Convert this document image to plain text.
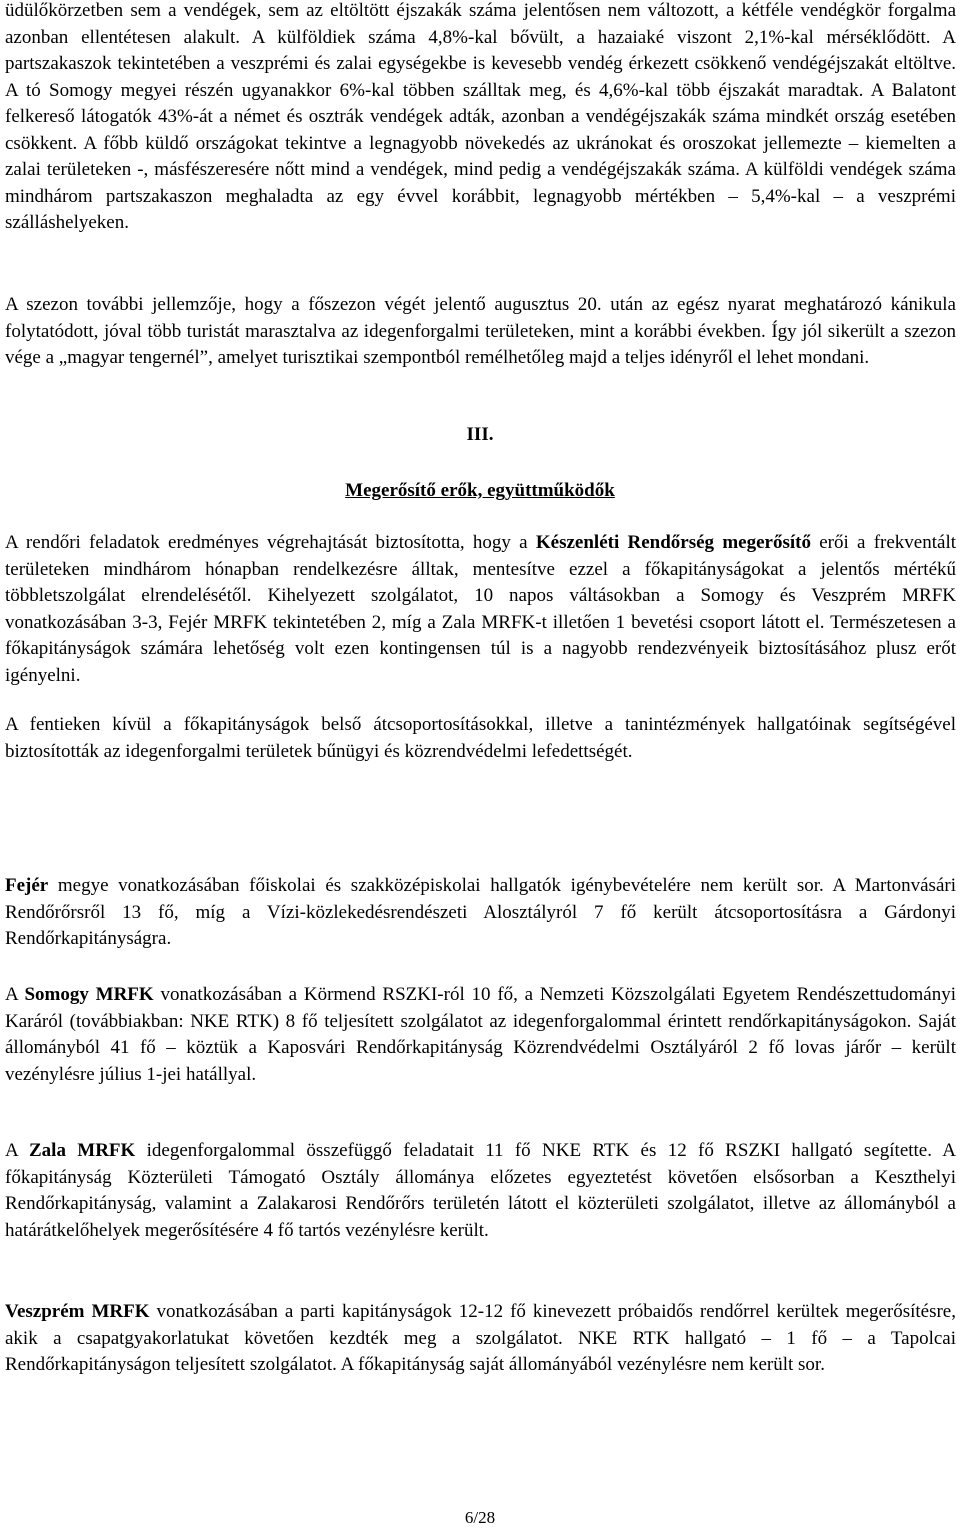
üdülőkörzetben sem a vendégek, sem az eltöltött éjszakák száma jelentősen nem változott, a kétféle vendégkör forgalma azonban ellentétesen alakult. A külföldiek száma 4,8%-kal bővült, a hazaiaké viszont 2,1%-kal mérséklődött. A partszakaszok tekintetében a veszprémi és zalai egységekbe is kevesebb vendég érkezett csökkenő vendégéjszakát eltöltve. A tó Somogy megyei részén ugyanakkor 6%-kal többen szálltak meg, és 4,6%-kal több éjszakát maradtak. A Balatont felkereső látogatók 43%-át a német és osztrák vendégek adták, azonban a vendégéjszakák száma mindkét ország esetében csökkent. A főbb küldő országokat tekintve a legnagyobb növekedés az ukránokat és oroszokat jellemezte – kiemelten a zalai területeken -, másfészeresére nőtt mind a vendégek, mind pedig a vendégéjszakák száma. A külföldi vendégek száma mindhárom partszakaszon meghaladta az egy évvel korábbit, legnagyobb mértékben – 5,4%-kal – a veszprémi szálláshelyeken.

A szezon további jellemzője, hogy a főszezon végét jelentő augusztus 20. után az egész nyarat meghatározó kánikula folytatódott, jóval több turistát marasztalva az idegenforgalmi területeken, mint a korábbi években. Így jól sikerült a szezon vége a „magyar tengernél”, amelyet turisztikai szempontból remélhetőleg majd a teljes idényről el lehet mondani.

III.
Megerősítő erők, együttműködők

A rendőri feladatok eredményes végrehajtását biztosította, hogy a Készenléti Rendőrség megerősítő erői a frekventált területeken mindhárom hónapban rendelkezésre álltak, mentesítve ezzel a főkapitányságokat a jelentős mértékű többletszolgálat elrendelésétől. Kihelyezett szolgálatot, 10 napos váltásokban a Somogy és Veszprém MRFK vonatkozásában 3-3, Fejér MRFK tekintetében 2, míg a Zala MRFK-t illetően 1 bevetési csoport látott el. Természetesen a főkapitányságok számára lehetőség volt ezen kontingensen túl is a nagyobb rendezvényeik biztosításához plusz erőt igényelni.

A fentieken kívül a főkapitányságok belső átcsoportosításokkal, illetve a tanintézmények hallgatóinak segítségével biztosították az idegenforgalmi területek bűnügyi és közrendvédelmi lefedettségét.

Fejér megye vonatkozásában főiskolai és szakközépiskolai hallgatók igénybevételére nem került sor. A Martonvásári Rendőrőrsről 13 fő, míg a Vízi-közlekedésrendészeti Alosztályról 7 fő került átcsoportosításra a Gárdonyi Rendőrkapitányságra.

A Somogy MRFK vonatkozásában a Körmend RSZKI-ról 10 fő, a Nemzeti Közszolgálati Egyetem Rendészettudományi Karáról (továbbiakban: NKE RTK) 8 fő teljesített szolgálatot az idegenforgalommal érintett rendőrkapitányságokon. Saját állományból 41 fő – köztük a Kaposvári Rendőrkapitányság Közrendvédelmi Osztályáról 2 fő lovas járőr – került vezénylésre július 1-jei hatállyal.

A Zala MRFK idegenforgalommal összefüggő feladatait 11 fő NKE RTK és 12 fő RSZKI hallgató segítette. A főkapitányság Közterületi Támogató Osztály állománya előzetes egyeztetést követően elsősorban a Keszthelyi Rendőrkapitányság, valamint a Zalakarosi Rendőrőrs területén látott el közterületi szolgálatot, illetve az állományból a határátkelőhelyek megerősítésére 4 fő tartós vezénylésre került.

Veszprém MRFK vonatkozásában a parti kapitányságok 12-12 fő kinevezett próbaidős rendőrrel kerültek megerősítésre, akik a csapatgyakorlatukat követően kezdték meg a szolgálatot. NKE RTK hallgató – 1 fő – a Tapolcai Rendőrkapitányságon teljesített szolgálatot. A főkapitányság saját állományából vezénylésre nem került sor.

6/28
